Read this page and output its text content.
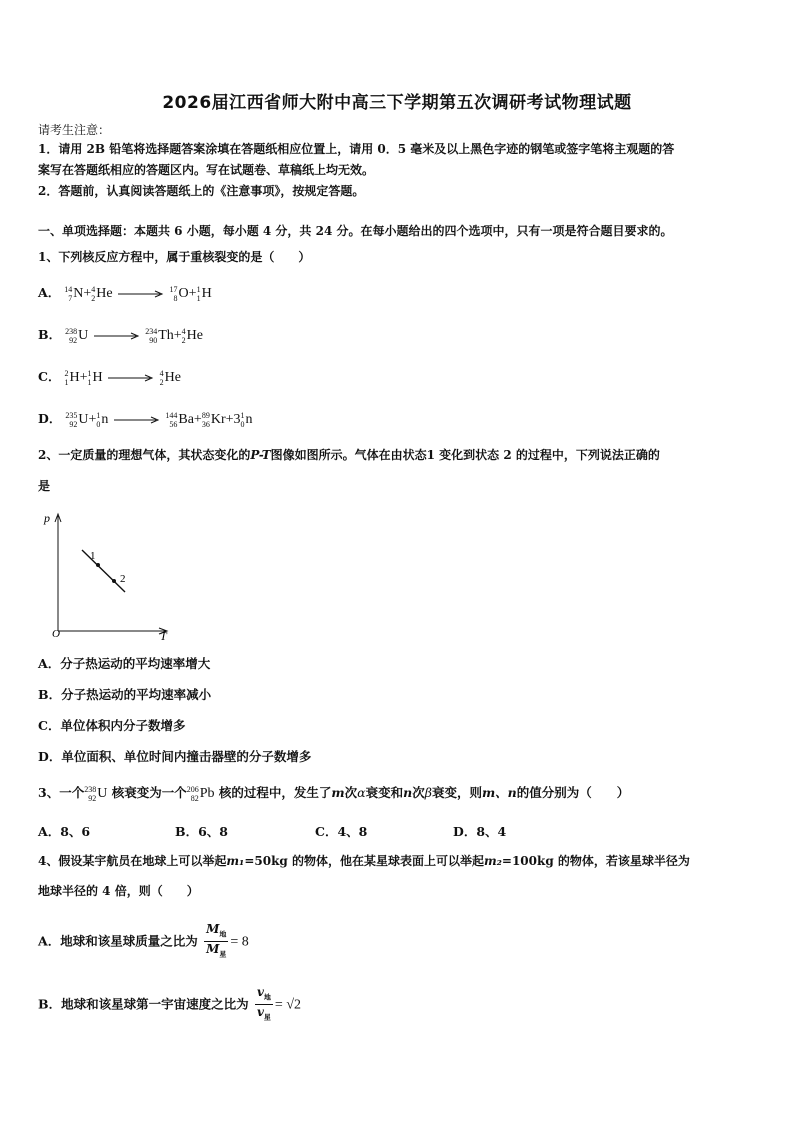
2026届江西省师大附中高三下学期第五次调研考试物理试题
请考生注意：
1．请用 2B 铅笔将选择题答案涂填在答题纸相应位置上，请用 0．5 毫米及以上黑色字迹的钢笔或签字笔将主观题的答
案写在答题纸相应的答题区内。写在试题卷、草稿纸上均无效。
2．答题前，认真阅读答题纸上的《注意事项》，按规定答题。
一、单项选择题：本题共 6 小题，每小题 4 分，共 24 分。在每小题给出的四个选项中，只有一项是符合题目要求的。
1、下列核反应方程中，属于重核裂变的是（　　）
A． 14
7 N+ 4
2 He →
17
8 O+ 1
1 H
B． 238
92 U →
234
90 Th+ 4
2 He
C． 2
1 H+ 1
1 H →
4
2 He
D． 235
92 U+ 1
0 n →
144
56 Ba+ 89
36 Kr+3 1
0 n
2、一定质量的理想气体，其状态变化的P-T图像如图所示。气体在由状态1 变化到状态 2 的过程中，下列说法正确的
是
p
T
O
1
2
A．分子热运动的平均速率增大
B．分子热运动的平均速率减小
C．单位体积内分子数增多
D．单位面积、单位时间内撞击器壁的分子数增多
3、一个 238
92 U 核衰变为一个 206
82 Pb 核的过程中，发生了m次α衰变和n次β衰变，则m、n的值分别为（　　）
A．8、6	B．6、8	C．4、8	D．8、4
4、假设某宇航员在地球上可以举起m₁=50kg 的物体，他在某星球表面上可以举起m₂=100kg 的物体，若该星球半径为
地球半径的 4 倍，则（　　）
A．地球和该星球质量之比为 $\frac{M_地}{M_星} = 8$
B．地球和该星球第一宇宙速度之比为 $\frac{v_地}{v_星} = √2$
